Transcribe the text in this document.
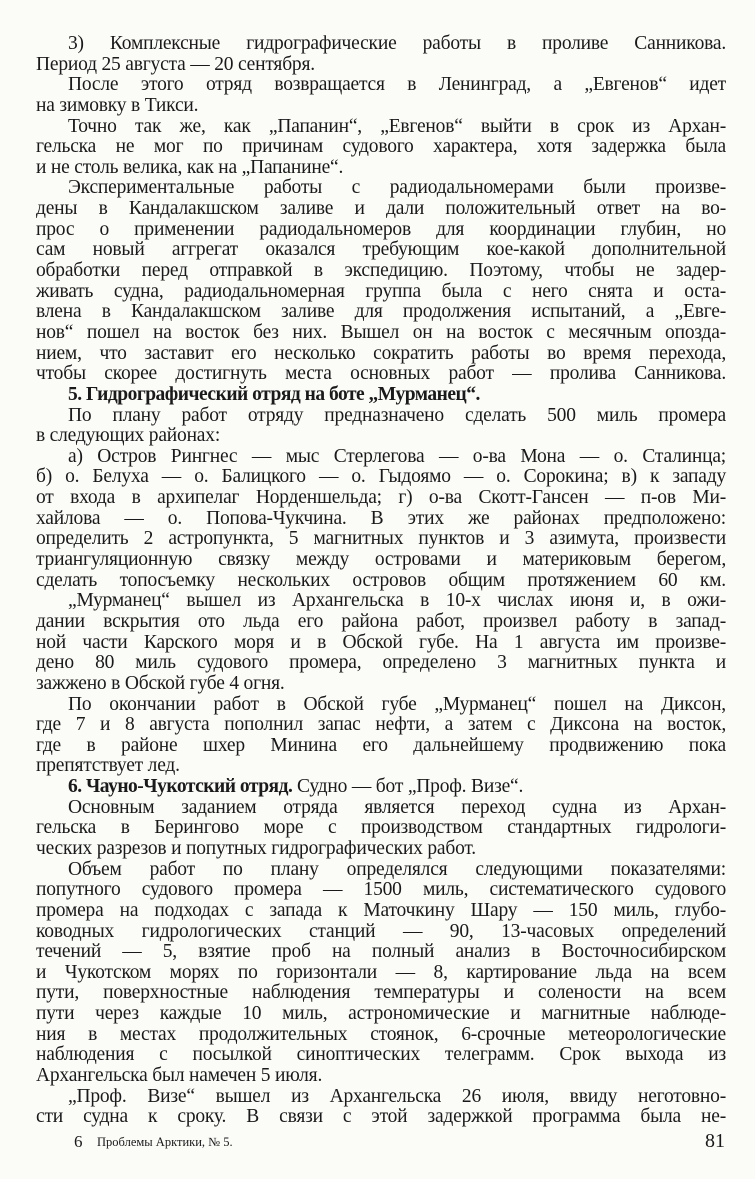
3) Комплексные гидрографические работы в проливе Санникова.
Период 25 августа — 20 сентября.
После этого отряд возвращается в Ленинград, а „Евгенов“ идет
на зимовку в Тикси.
Точно так же, как „Папанин“, „Евгенов“ выйти в срок из Архан-
гельска не мог по причинам судового характера, хотя задержка была
и не столь велика, как на „Папанине“.
Экспериментальные работы с радиодальномерами были произве-
дены в Кандалакшском заливе и дали положительный ответ на во-
прос о применении радиодальномеров для координации глубин, но
сам новый аггрегат оказался требующим кое-какой дополнительной
обработки перед отправкой в экспедицию. Поэтому, чтобы не задер-
живать судна, радиодальномерная группа была с него снята и оста-
влена в Кандалакшском заливе для продолжения испытаний, а „Евге-
нов“ пошел на восток без них. Вышел он на восток с месячным опозда-
нием, что заставит его несколько сократить работы во время перехода,
чтобы скорее достигнуть места основных работ — пролива Санникова.
5. Гидрографический отряд на боте „Мурманец“.
По плану работ отряду предназначено сделать 500 миль промера
в следующих районах:
а) Остров Рингнес — мыс Стерлегова — о-ва Мона — о. Сталинца;
б) о. Белуха — о. Балицкого — о. Гыдоямо — о. Сорокина; в) к западу
от входа в архипелаг Норденшельда; г) о-ва Скотт-Гансен — п-ов Ми-
хайлова — о. Попова-Чукчина. В этих же районах предположено:
определить 2 астропункта, 5 магнитных пунктов и 3 азимута, произвести
триангуляционную связку между островами и материковым берегом,
сделать топосъемку нескольких островов общим протяжением 60 км.
„Мурманец“ вышел из Архангельска в 10-х числах июня и, в ожи-
дании вскрытия ото льда его района работ, произвел работу в запад-
ной части Карского моря и в Обской губе. На 1 августа им произве-
дено 80 миль судового промера, определено 3 магнитных пункта и
зажжено в Обской губе 4 огня.
По окончании работ в Обской губе „Мурманец“ пошел на Диксон,
где 7 и 8 августа пополнил запас нефти, а затем с Диксона на восток,
где в районе шхер Минина его дальнейшему продвижению пока
препятствует лед.
6. Чауно-Чукотский отряд. Судно — бот „Проф. Визе“.
Основным заданием отряда является переход судна из Архан-
гельска в Берингово море с производством стандартных гидрологи-
ческих разрезов и попутных гидрографических работ.
Объем работ по плану определялся следующими показателями:
попутного судового промера — 1500 миль, систематического судового
промера на подходах с запада к Маточкину Шару — 150 миль, глубо-
ководных гидрологических станций — 90, 13-часовых определений
течений — 5, взятие проб на полный анализ в Восточносибирском
и Чукотском морях по горизонтали — 8, картирование льда на всем
пути, поверхностные наблюдения температуры и солености на всем
пути через каждые 10 миль, астрономические и магнитные наблюде-
ния в местах продолжительных стоянок, 6-срочные метеорологические
наблюдения с посылкой синоптических телеграмм. Срок выхода из
Архангельска был намечен 5 июля.
„Проф. Визе“ вышел из Архангельска 26 июля, ввиду неготовно-
сти судна к сроку. В связи с этой задержкой программа была не-
6 Проблемы Арктики, № 5.	81
